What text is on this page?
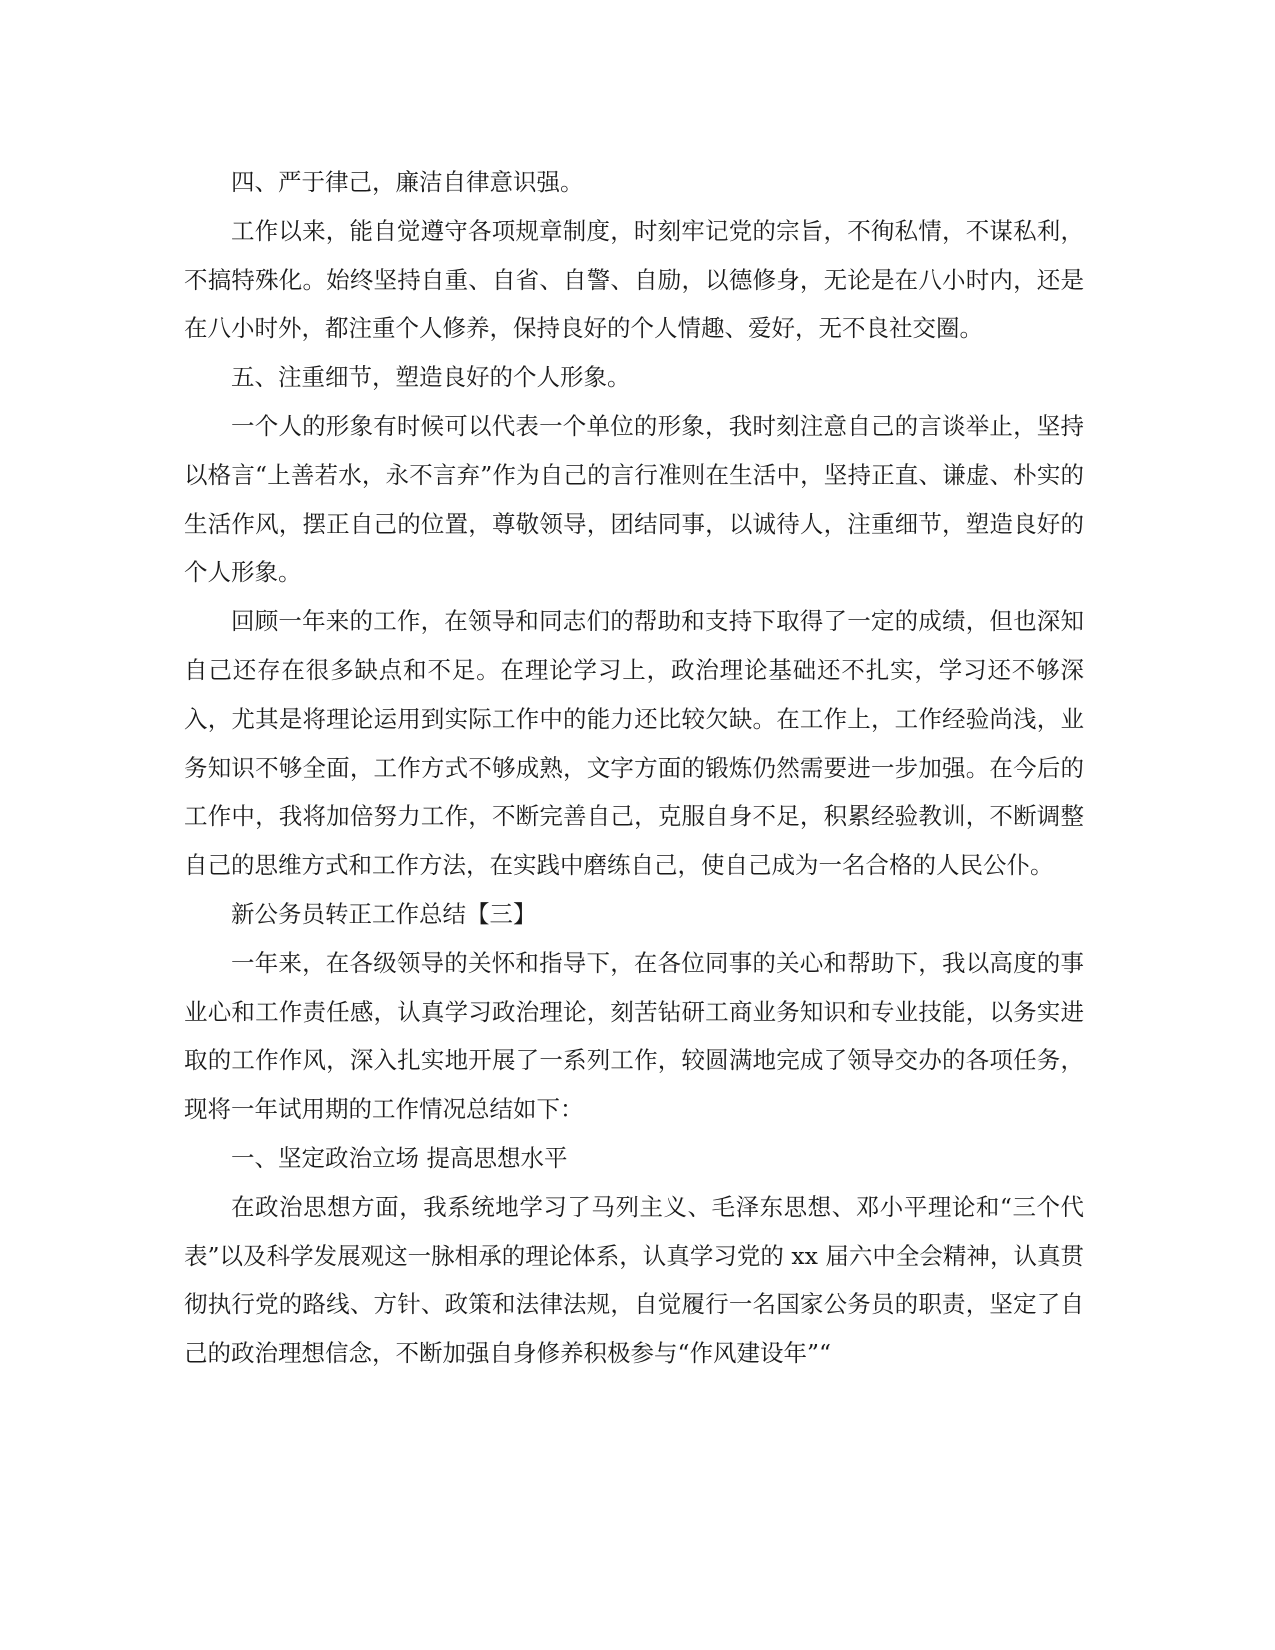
四、严于律己，廉洁自律意识强。

工作以来，能自觉遵守各项规章制度，时刻牢记党的宗旨，不徇私情，不谋私利，不搞特殊化。始终坚持自重、自省、自警、自励，以德修身，无论是在八小时内，还是在八小时外，都注重个人修养，保持良好的个人情趣、爱好，无不良社交圈。

五、注重细节，塑造良好的个人形象。

一个人的形象有时候可以代表一个单位的形象，我时刻注意自己的言谈举止，坚持以格言“上善若水，永不言弃”作为自己的言行准则在生活中，坚持正直、谦虚、朴实的生活作风，摆正自己的位置，尊敬领导，团结同事，以诚待人，注重细节，塑造良好的个人形象。

回顾一年来的工作，在领导和同志们的帮助和支持下取得了一定的成绩，但也深知自己还存在很多缺点和不足。在理论学习上，政治理论基础还不扎实，学习还不够深入，尤其是将理论运用到实际工作中的能力还比较欠缺。在工作上，工作经验尚浅，业务知识不够全面，工作方式不够成熟，文字方面的锻炼仍然需要进一步加强。在今后的工作中，我将加倍努力工作，不断完善自己，克服自身不足，积累经验教训，不断调整自己的思维方式和工作方法，在实践中磨练自己，使自己成为一名合格的人民公仆。

新公务员转正工作总结【三】

一年来，在各级领导的关怀和指导下，在各位同事的关心和帮助下，我以高度的事业心和工作责任感，认真学习政治理论，刻苦钻研工商业务知识和专业技能，以务实进取的工作作风，深入扎实地开展了一系列工作，较圆满地完成了领导交办的各项任务，现将一年试用期的工作情况总结如下：

一、坚定政治立场 提高思想水平

在政治思想方面，我系统地学习了马列主义、毛泽东思想、邓小平理论和“三个代表”以及科学发展观这一脉相承的理论体系，认真学习党的 xx 届六中全会精神，认真贯彻执行党的路线、方针、政策和法律法规，自觉履行一名国家公务员的职责，坚定了自己的政治理想信念，不断加强自身修养积极参与“作风建设年”“
